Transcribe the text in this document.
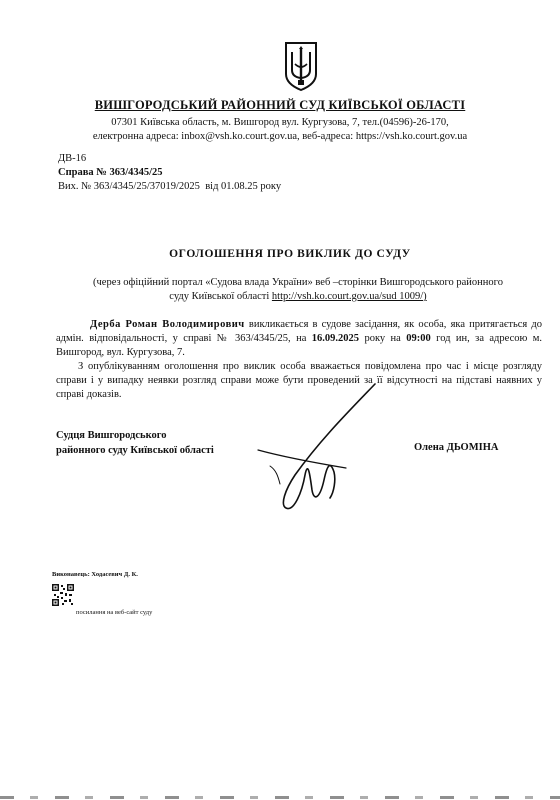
ВИШГОРОДСЬКИЙ РАЙОННИЙ СУД КИЇВСЬКОЇ ОБЛАСТІ
07301 Київська область, м. Вишгород вул. Кургузова, 7, тел.(04596)-26-170,
електронна адреса: inbox@vsh.ko.court.gov.ua, веб-адреса: https://vsh.ko.court.gov.ua
ДВ-16
Справа № 363/4345/25
Вих. № 363/4345/25/37019/2025 від 01.08.25 року
ОГОЛОШЕННЯ ПРО ВИКЛИК ДО СУДУ
(через офіційний портал «Судова влада України» веб –сторінки Вишгородського районного
суду Київської області http://vsh.ko.court.gov.ua/sud 1009/)
Дерба Роман Володимирович викликається в судове засідання, як особа, яка притягається до адмін. відповідальності, у справі № 363/4345/25, на 16.09.2025 року на 09:00 год ин, за адресою м. Вишгород, вул. Кургузова, 7.
З опублікуванням оголошення про виклик особа вважається повідомлена про час і місце розгляду справи і у випадку неявки розгляд справи може бути проведений за її відсутності на підставі наявних у справі доказів.
Судця Вишгородського
районного суду Київської області	Олена ДЬОМІНА
Виконавець: Ходасевич Д. К.
посилання на веб-сайт суду
